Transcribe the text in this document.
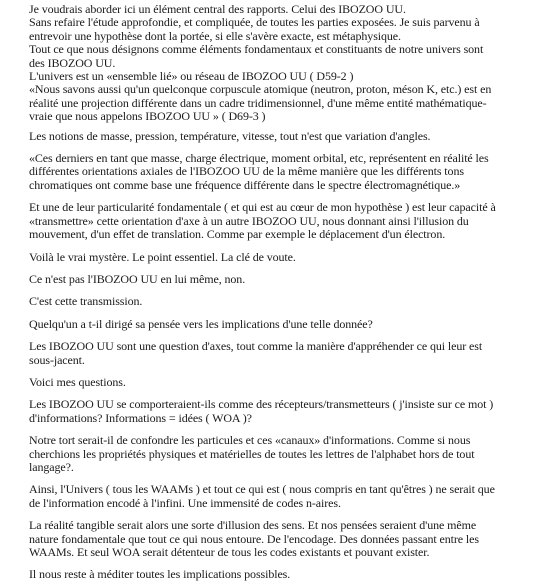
Je voudrais aborder ici un élément central des rapports. Celui des IBOZOO UU.
Sans refaire l'étude approfondie, et compliquée, de toutes les parties exposées. Je suis parvenu à
entrevoir une hypothèse dont la portée, si elle s'avère exacte, est métaphysique.
Tout ce que nous désignons comme éléments fondamentaux et constituants de notre univers sont
des IBOZOO UU.
L'univers est un «ensemble lié» ou réseau de IBOZOO UU ( D59-2 )
«Nous savons aussi qu'un quelconque corpuscule atomique (neutron, proton, méson K, etc.) est en
réalité une projection différente dans un cadre tridimensionnel, d'une même entité mathématique-
vraie que nous appelons IBOZOO UU » ( D69-3 )
Les notions de masse, pression, température, vitesse, tout n'est que variation d'angles.
«Ces derniers en tant que masse, charge électrique, moment orbital, etc, représentent en réalité les
différentes orientations axiales de l'IBOZOO UU de la même manière que les différents tons
chromatiques ont comme base une fréquence différente dans le spectre électromagnétique.»
Et une de leur particularité fondamentale ( et qui est au cœur de mon hypothèse ) est leur capacité à
«transmettre» cette orientation d'axe à un autre IBOZOO UU, nous donnant ainsi l'illusion du
mouvement, d'un effet de translation. Comme par exemple le déplacement d'un électron.
Voilà le vrai mystère. Le point essentiel. La clé de voute.
Ce n'est pas l'IBOZOO UU en lui même, non.
C'est cette transmission.
Quelqu'un a t-il dirigé sa pensée vers les implications d'une telle donnée?
Les IBOZOO UU sont une question d'axes, tout comme la manière d'appréhender ce qui leur est
sous-jacent.
Voici mes questions.
Les IBOZOO UU se comporteraient-ils comme des récepteurs/transmetteurs ( j'insiste sur ce mot )
d'informations? Informations = idées ( WOA )?
Notre tort serait-il de confondre les particules et ces «canaux» d'informations. Comme si nous
cherchions les propriétés physiques et matérielles de toutes les lettres de l'alphabet hors de tout
langage?.
Ainsi, l'Univers ( tous les WAAMs ) et tout ce qui est ( nous compris en tant qu'êtres ) ne serait que
de l'information encodé à l'infini. Une immensité de codes n-aires.
La réalité tangible serait alors une sorte d'illusion des sens. Et nos pensées seraient d'une même
nature fondamentale que tout ce qui nous entoure. De l'encodage. Des données passant entre les
WAAMs. Et seul WOA serait détenteur de tous les codes existants et pouvant exister.
Il nous reste à méditer toutes les implications possibles.
